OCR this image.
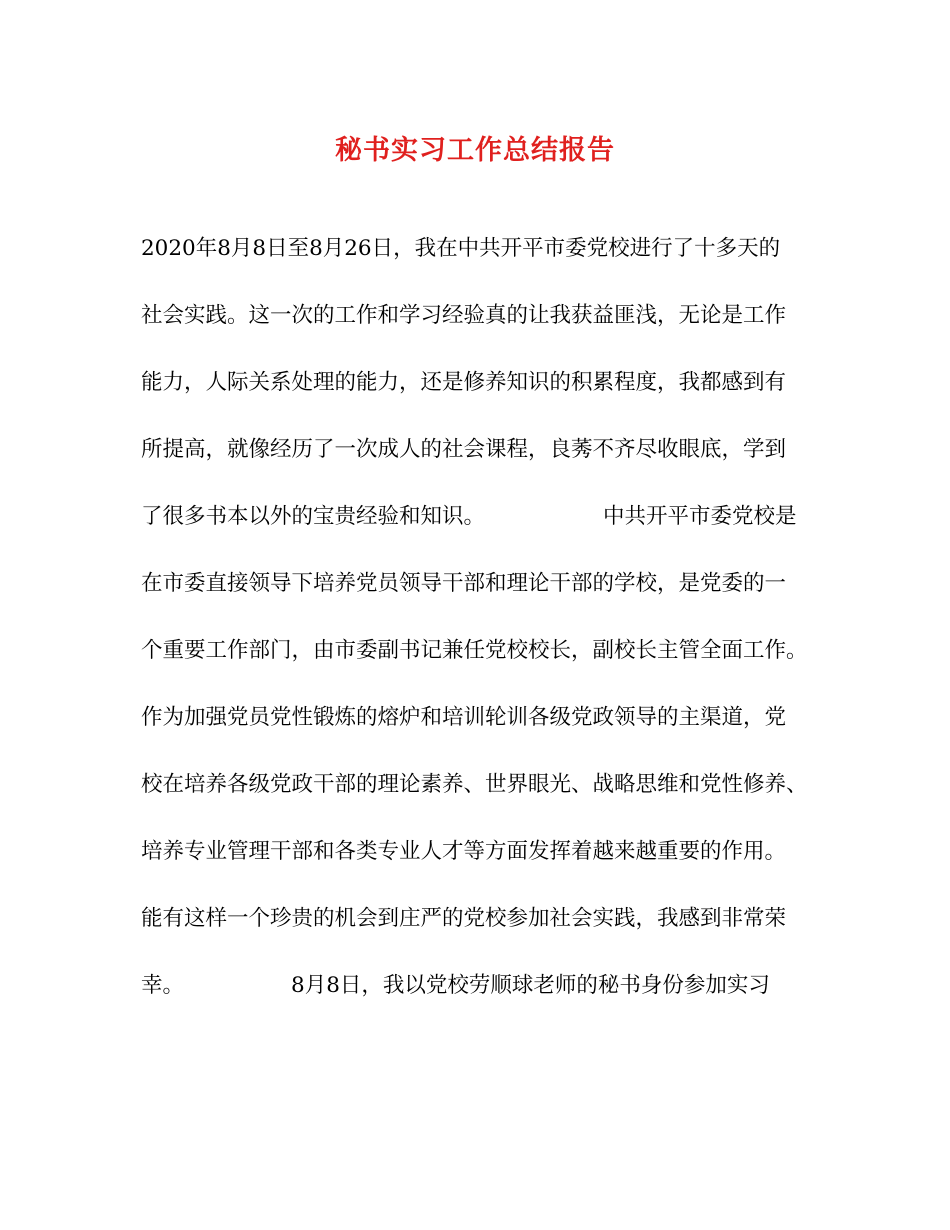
秘书实习工作总结报告
2020年8月8日至8月26日，我在中共开平市委党校进行了十多天的
社会实践。这一次的工作和学习经验真的让我获益匪浅，无论是工作
能力，人际关系处理的能力，还是修养知识的积累程度，我都感到有
所提高，就像经历了一次成人的社会课程，良莠不齐尽收眼底，学到
了很多书本以外的宝贵经验和知识。	中共开平市委党校是
在市委直接领导下培养党员领导干部和理论干部的学校，是党委的一
个重要工作部门，由市委副书记兼任党校校长，副校长主管全面工作。
作为加强党员党性锻炼的熔炉和培训轮训各级党政领导的主渠道，党
校在培养各级党政干部的理论素养、世界眼光、战略思维和党性修养、
培养专业管理干部和各类专业人才等方面发挥着越来越重要的作用。
能有这样一个珍贵的机会到庄严的党校参加社会实践，我感到非常荣
幸。	8月8日，我以党校劳顺球老师的秘书身份参加实习
